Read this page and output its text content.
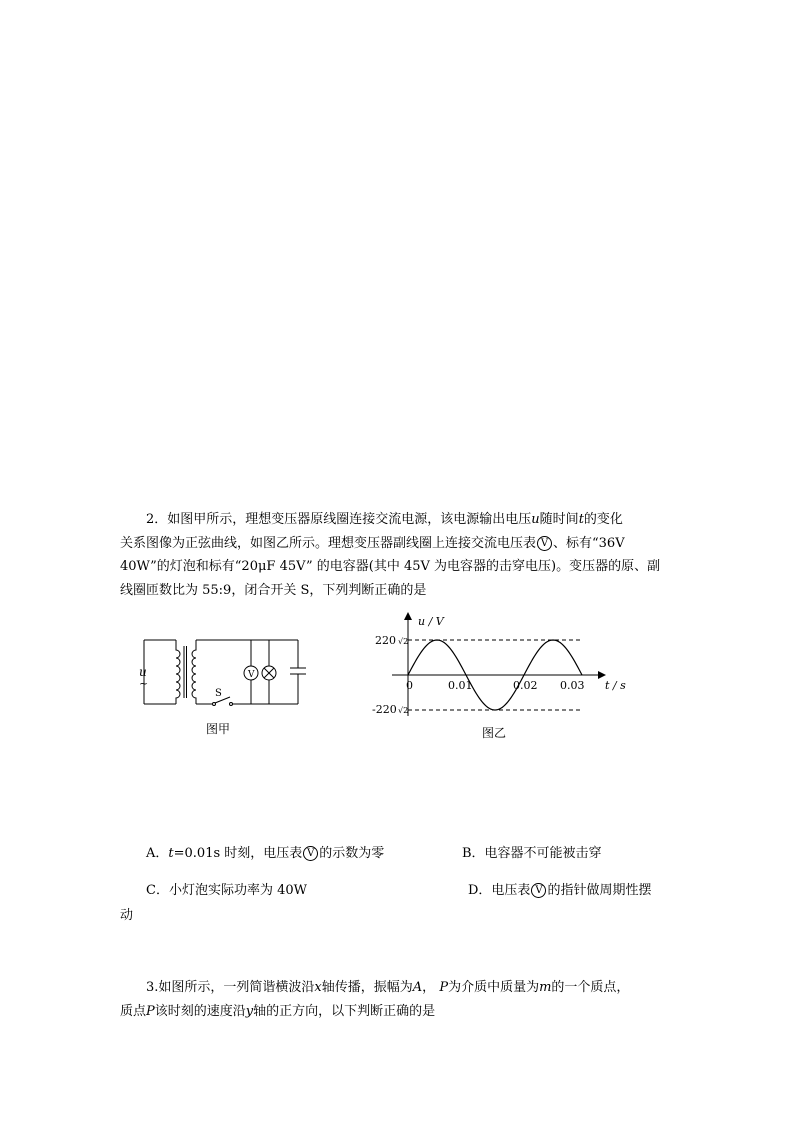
2．如图甲所示，理想变压器原线圈连接交流电源，该电源输出电压u随时间t的变化
关系图像为正弦曲线，如图乙所示。理想变压器副线圈上连接交流电压表 V 、标有“36V
40W”的灯泡和标有“20μF 45V” 的电容器(其中 45V 为电容器的击穿电压)。变压器的原、副
线圈匝数比为 55:9，闭合开关 S，下列判断正确的是
u
~
S
V
图甲
u / V
t / s
220 √2
-220 √2
0	0.01	0.02 0.03
图乙
A．t=0.01s 时刻，电压表 V 的示数为零	B．电容器不可能被击穿
C．小灯泡实际功率为 40W	D．电压表 V 的指针做周期性摆
动
3.如图所示，一列简谐横波沿x轴传播，振幅为A， P为介质中质量为m的一个质点，
质点P该时刻的速度沿y轴的正方向，以下判断正确的是
